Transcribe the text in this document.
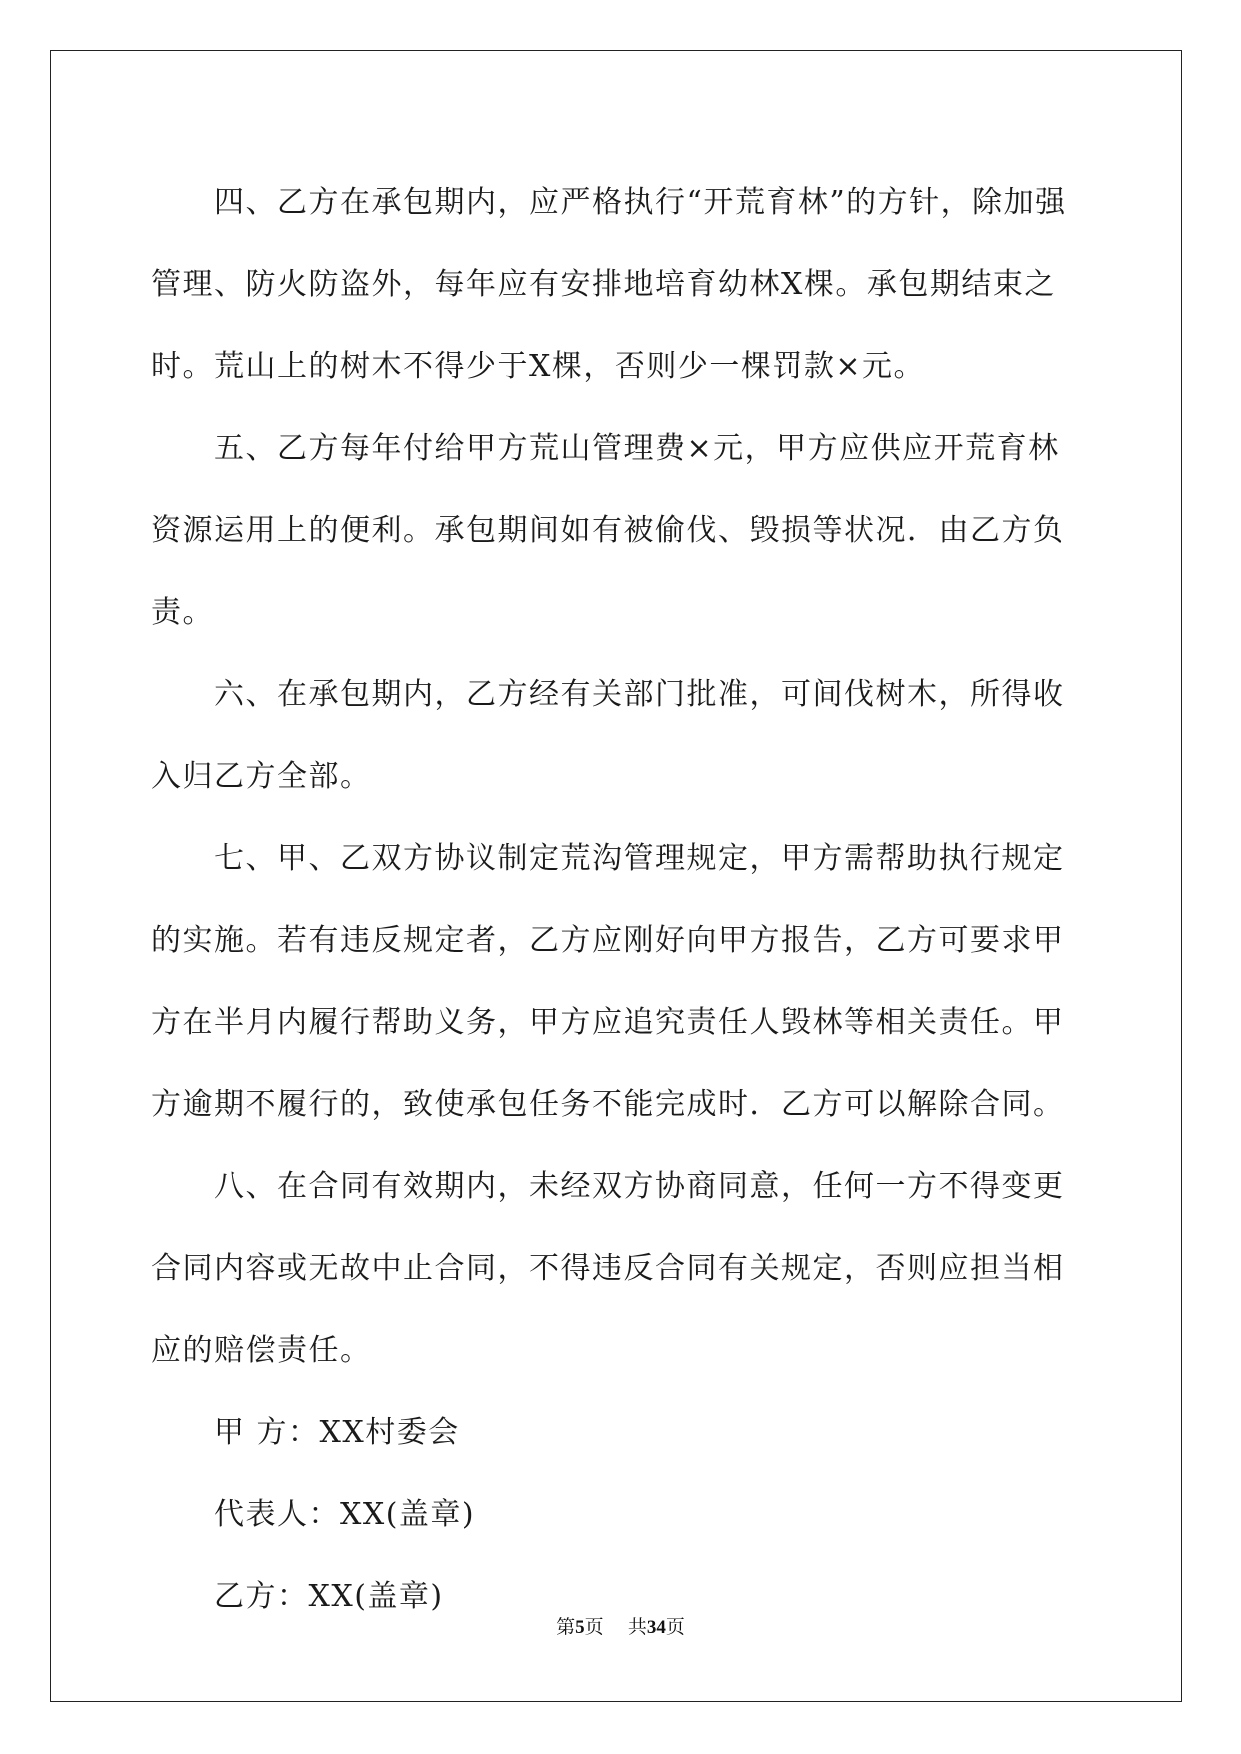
四、乙方在承包期内，应严格执行“开荒育林”的方针，除加强管理、防火防盗外，每年应有安排地培育幼林X棵。承包期结束之时。荒山上的树木不得少于X棵，否则少一棵罚款×元。

五、乙方每年付给甲方荒山管理费×元，甲方应供应开荒育林资源运用上的便利。承包期间如有被偷伐、毁损等状况．由乙方负责。

六、在承包期内，乙方经有关部门批准，可间伐树木，所得收入归乙方全部。

七、甲、乙双方协议制定荒沟管理规定，甲方需帮助执行规定的实施。若有违反规定者，乙方应刚好向甲方报告，乙方可要求甲方在半月内履行帮助义务，甲方应追究责任人毁林等相关责任。甲方逾期不履行的，致使承包任务不能完成时．乙方可以解除合同。

八、在合同有效期内，未经双方协商同意，任何一方不得变更合同内容或无故中止合同，不得违反合同有关规定，否则应担当相应的赔偿责任。

甲 方：XX村委会
代表人：XX(盖章)
乙方：XX(盖章)
第5页 共34页
